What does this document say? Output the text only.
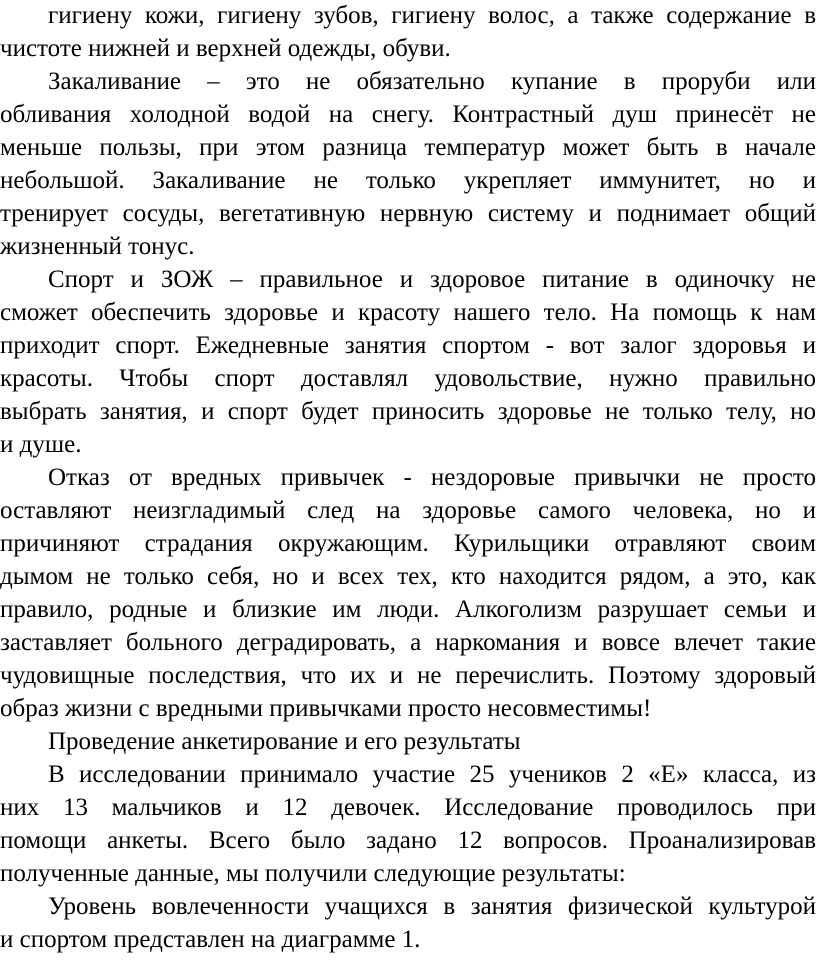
гигиену кожи, гигиену зубов, гигиену волос, а также содержание в
чистоте нижней и верхней одежды, обуви.
Закаливание – это не обязательно купание в проруби или
обливания холодной водой на снегу. Контрастный душ принесёт не
меньше пользы, при этом разница температур может быть в начале
небольшой. Закаливание не только укрепляет иммунитет, но и
тренирует сосуды, вегетативную нервную систему и поднимает общий
жизненный тонус.
Спорт и ЗОЖ – правильное и здоровое питание в одиночку не
сможет обеспечить здоровье и красоту нашего тело. На помощь к нам
приходит спорт. Ежедневные занятия спортом - вот залог здоровья и
красоты. Чтобы спорт доставлял удовольствие, нужно правильно
выбрать занятия, и спорт будет приносить здоровье не только телу, но
и душе.
Отказ от вредных привычек - нездоровые привычки не просто
оставляют неизгладимый след на здоровье самого человека, но и
причиняют страдания окружающим. Курильщики отравляют своим
дымом не только себя, но и всех тех, кто находится рядом, а это, как
правило, родные и близкие им люди. Алкоголизм разрушает семьи и
заставляет больного деградировать, а наркомания и вовсе влечет такие
чудовищные последствия, что их и не перечислить. Поэтому здоровый
образ жизни с вредными привычками просто несовместимы!
Проведение анкетирование и его результаты
В исследовании принимало участие 25 учеников 2 «Е» класса, из
них 13 мальчиков и 12 девочек. Исследование проводилось при
помощи анкеты. Всего было задано 12 вопросов. Проанализировав
полученные данные, мы получили следующие результаты:
Уровень вовлеченности учащихся в занятия физической культурой
и спортом представлен на диаграмме 1.
